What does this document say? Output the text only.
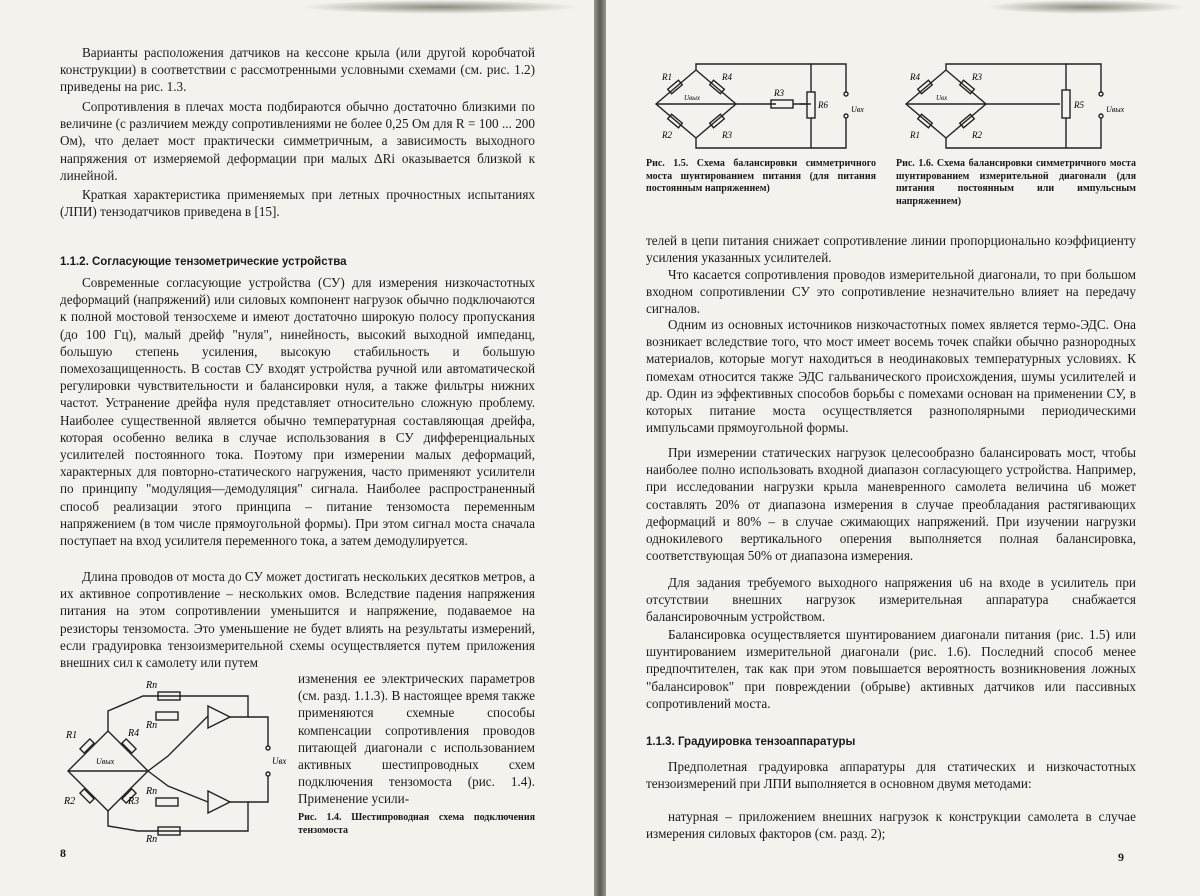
Варианты расположения датчиков на кессоне крыла (или другой коробчатой конструкции) в соответствии с рассмотренными условными схемами (см. рис. 1.2) приведены на рис. 1.3.

Сопротивления в плечах моста подбираются обычно достаточно близкими по величине (с различием между сопротивлениями не более 0,25 Ом для R = 100 ... 200 Ом), что делает мост практически симметричным, а зависимость выходного напряжения от измеряемой деформации при малых ΔRi оказывается близкой к линейной.

Краткая характеристика применяемых при летных прочностных испытаниях (ЛПИ) тензодатчиков приведена в [15].

1.1.2. Согласующие тензометрические устройства

Современные согласующие устройства (СУ) для измерения низкочастотных деформаций (напряжений) или силовых компонент нагрузок обычно подключаются к полной мостовой тензосхеме и имеют достаточно широкую полосу пропускания (до 100 Гц), малый дрейф "нуля", нинейность, высокий выходной импеданц, большую степень усиления, высокую стабильность и большую помехозащищенность. В состав СУ входят устройства ручной или автоматической регулировки чувствительности и балансировки нуля, а также фильтры нижних частот. Устранение дрейфа нуля представляет относительно сложную проблему. Наиболее существенной является обычно температурная составляющая дрейфа, которая особенно велика в случае использования в СУ дифференциальных усилителей постоянного тока. Поэтому при измерении малых деформаций, характерных для повторно-статического нагружения, часто применяют усилители по принципу "модуляция—демодуляция" сигнала. Наиболее распространенный способ реализации этого принципа – питание тензомоста переменным напряжением (в том числе прямоугольной формы). При этом сигнал моста сначала поступает на вход усилителя переменного тока, а затем демодулируется.

Длина проводов от моста до СУ может достигать нескольких десятков метров, а их активное сопротивление – нескольких омов. Вследствие падения напряжения питания на этом сопротивлении уменьшится и напряжение, подаваемое на резисторы тензомоста. Это уменьшение не будет влиять на результаты измерений, если градуировка тензоизмерительной схемы осуществляется путем приложения внешних сил к самолету или путем

изменения ее электрических параметров (см. разд. 1.1.3). В настоящее время также применяются схемные способы компенсации сопротивления проводов питающей диагонали с использованием активных шестипроводных схем подключения тензомоста (рис. 1.4). Применение усили-

Rп
Rп
Rп
Rп
R1	R4
R2	R3
Uвых	Uвх

Рис. 1.4. Шестипроводная схема подключения тензомоста

8
R1	R4
R2	R3
R3
R6
Uвых
Uвх
R4	R3
R1	R2
R5
Uвх
Uвых

Рис. 1.5. Схема балансировки симметричного моста шунтированием питания (для питания постоянным напряжением)

Рис. 1.6. Схема балансировки симметричного моста шунтированием измерительной диагонали (для питания постоянным или импульсным напряжением)

телей в цепи питания снижает сопротивление линии пропорционально коэффициенту усиления указанных усилителей.

Что касается сопротивления проводов измерительной диагонали, то при большом входном сопротивлении СУ это сопротивление незначительно влияет на передачу сигналов.

Одним из основных источников низкочастотных помех является термо-ЭДС. Она возникает вследствие того, что мост имеет восемь точек спайки обычно разнородных материалов, которые могут находиться в неодинаковых температурных условиях. К помехам относится также ЭДС гальванического происхождения, шумы усилителей и др. Один из эффективных способов борьбы с помехами основан на применении СУ, в которых питание моста осуществляется разнополярными периодическими импульсами прямоугольной формы.

При измерении статических нагрузок целесообразно балансировать мост, чтобы наиболее полно использовать входной диапазон согласующего устройства. Например, при исследовании нагрузки крыла маневренного самолета величина u6 может составлять 20% от диапазона измерения в случае преобладания растягивающих деформаций и 80% – в случае сжимающих напряжений. При изучении нагрузки однокилевого вертикального оперения выполняется полная балансировка, соответствующая 50% от диапазона измерения.

Для задания требуемого выходного напряжения u6 на входе в усилитель при отсутствии внешних нагрузок измерительная аппаратура снабжается балансировочным устройством.

Балансировка осуществляется шунтированием диагонали питания (рис. 1.5) или шунтированием измерительной диагонали (рис. 1.6). Последний способ менее предпочтителен, так как при этом повышается вероятность возникновения ложных "балансировок" при повреждении (обрыве) активных датчиков или пассивных сопротивлений моста.

1.1.3. Градуировка тензоаппаратуры

Предполетная градуировка аппаратуры для статических и низкочастотных тензоизмерений при ЛПИ выполняется в основном двумя методами:

натурная – приложением внешних нагрузок к конструкции самолета в случае измерения силовых факторов (см. разд. 2);

9
